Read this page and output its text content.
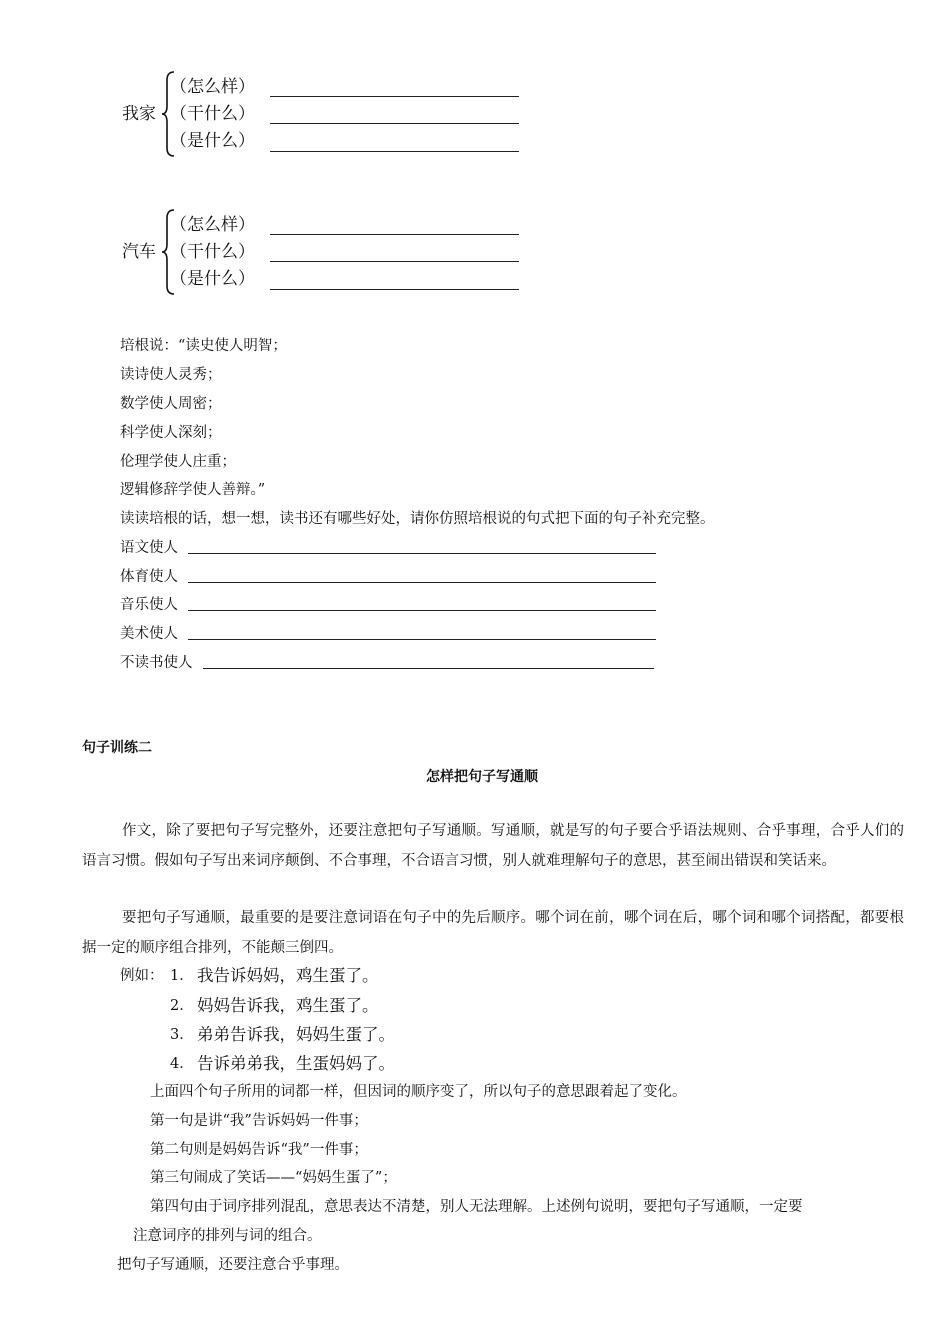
我家
（怎么样）
（干什么）
（是什么）
汽车
（怎么样）
（干什么）
（是什么）
培根说：“读史使人明智；
读诗使人灵秀；
数学使人周密；
科学使人深刻；
伦理学使人庄重；
逻辑修辞学使人善辩。”
读读培根的话，想一想，读书还有哪些好处，请你仿照培根说的句式把下面的句子补充完整。
语文使人
体育使人
音乐使人
美术使人
不读书使人
句子训练二
怎样把句子写通顺

作文，除了要把句子写完整外，还要注意把句子写通顺。写通顺，就是写的句子要合乎语法规则、合乎事理，合乎人们的语言习惯。假如句子写出来词序颠倒、不合事理，不合语言习惯，别人就难理解句子的意思，甚至闹出错误和笑话来。

要把句子写通顺，最重要的是要注意词语在句子中的先后顺序。哪个词在前，哪个词在后，哪个词和哪个词搭配，都要根据一定的顺序组合排列，不能颠三倒四。

例如： 1． 我告诉妈妈，鸡生蛋了。
2． 妈妈告诉我，鸡生蛋了。
3． 弟弟告诉我，妈妈生蛋了。
4． 告诉弟弟我，生蛋妈妈了。
上面四个句子所用的词都一样，但因词的顺序变了，所以句子的意思跟着起了变化。
第一句是讲“我”告诉妈妈一件事；
第二句则是妈妈告诉“我”一件事；
第三句闹成了笑话——“妈妈生蛋了”；
第四句由于词序排列混乱，意思表达不清楚，别人无法理解。上述例句说明，要把句子写通顺，一定要
注意词序的排列与词的组合。
把句子写通顺，还要注意合乎事理。
